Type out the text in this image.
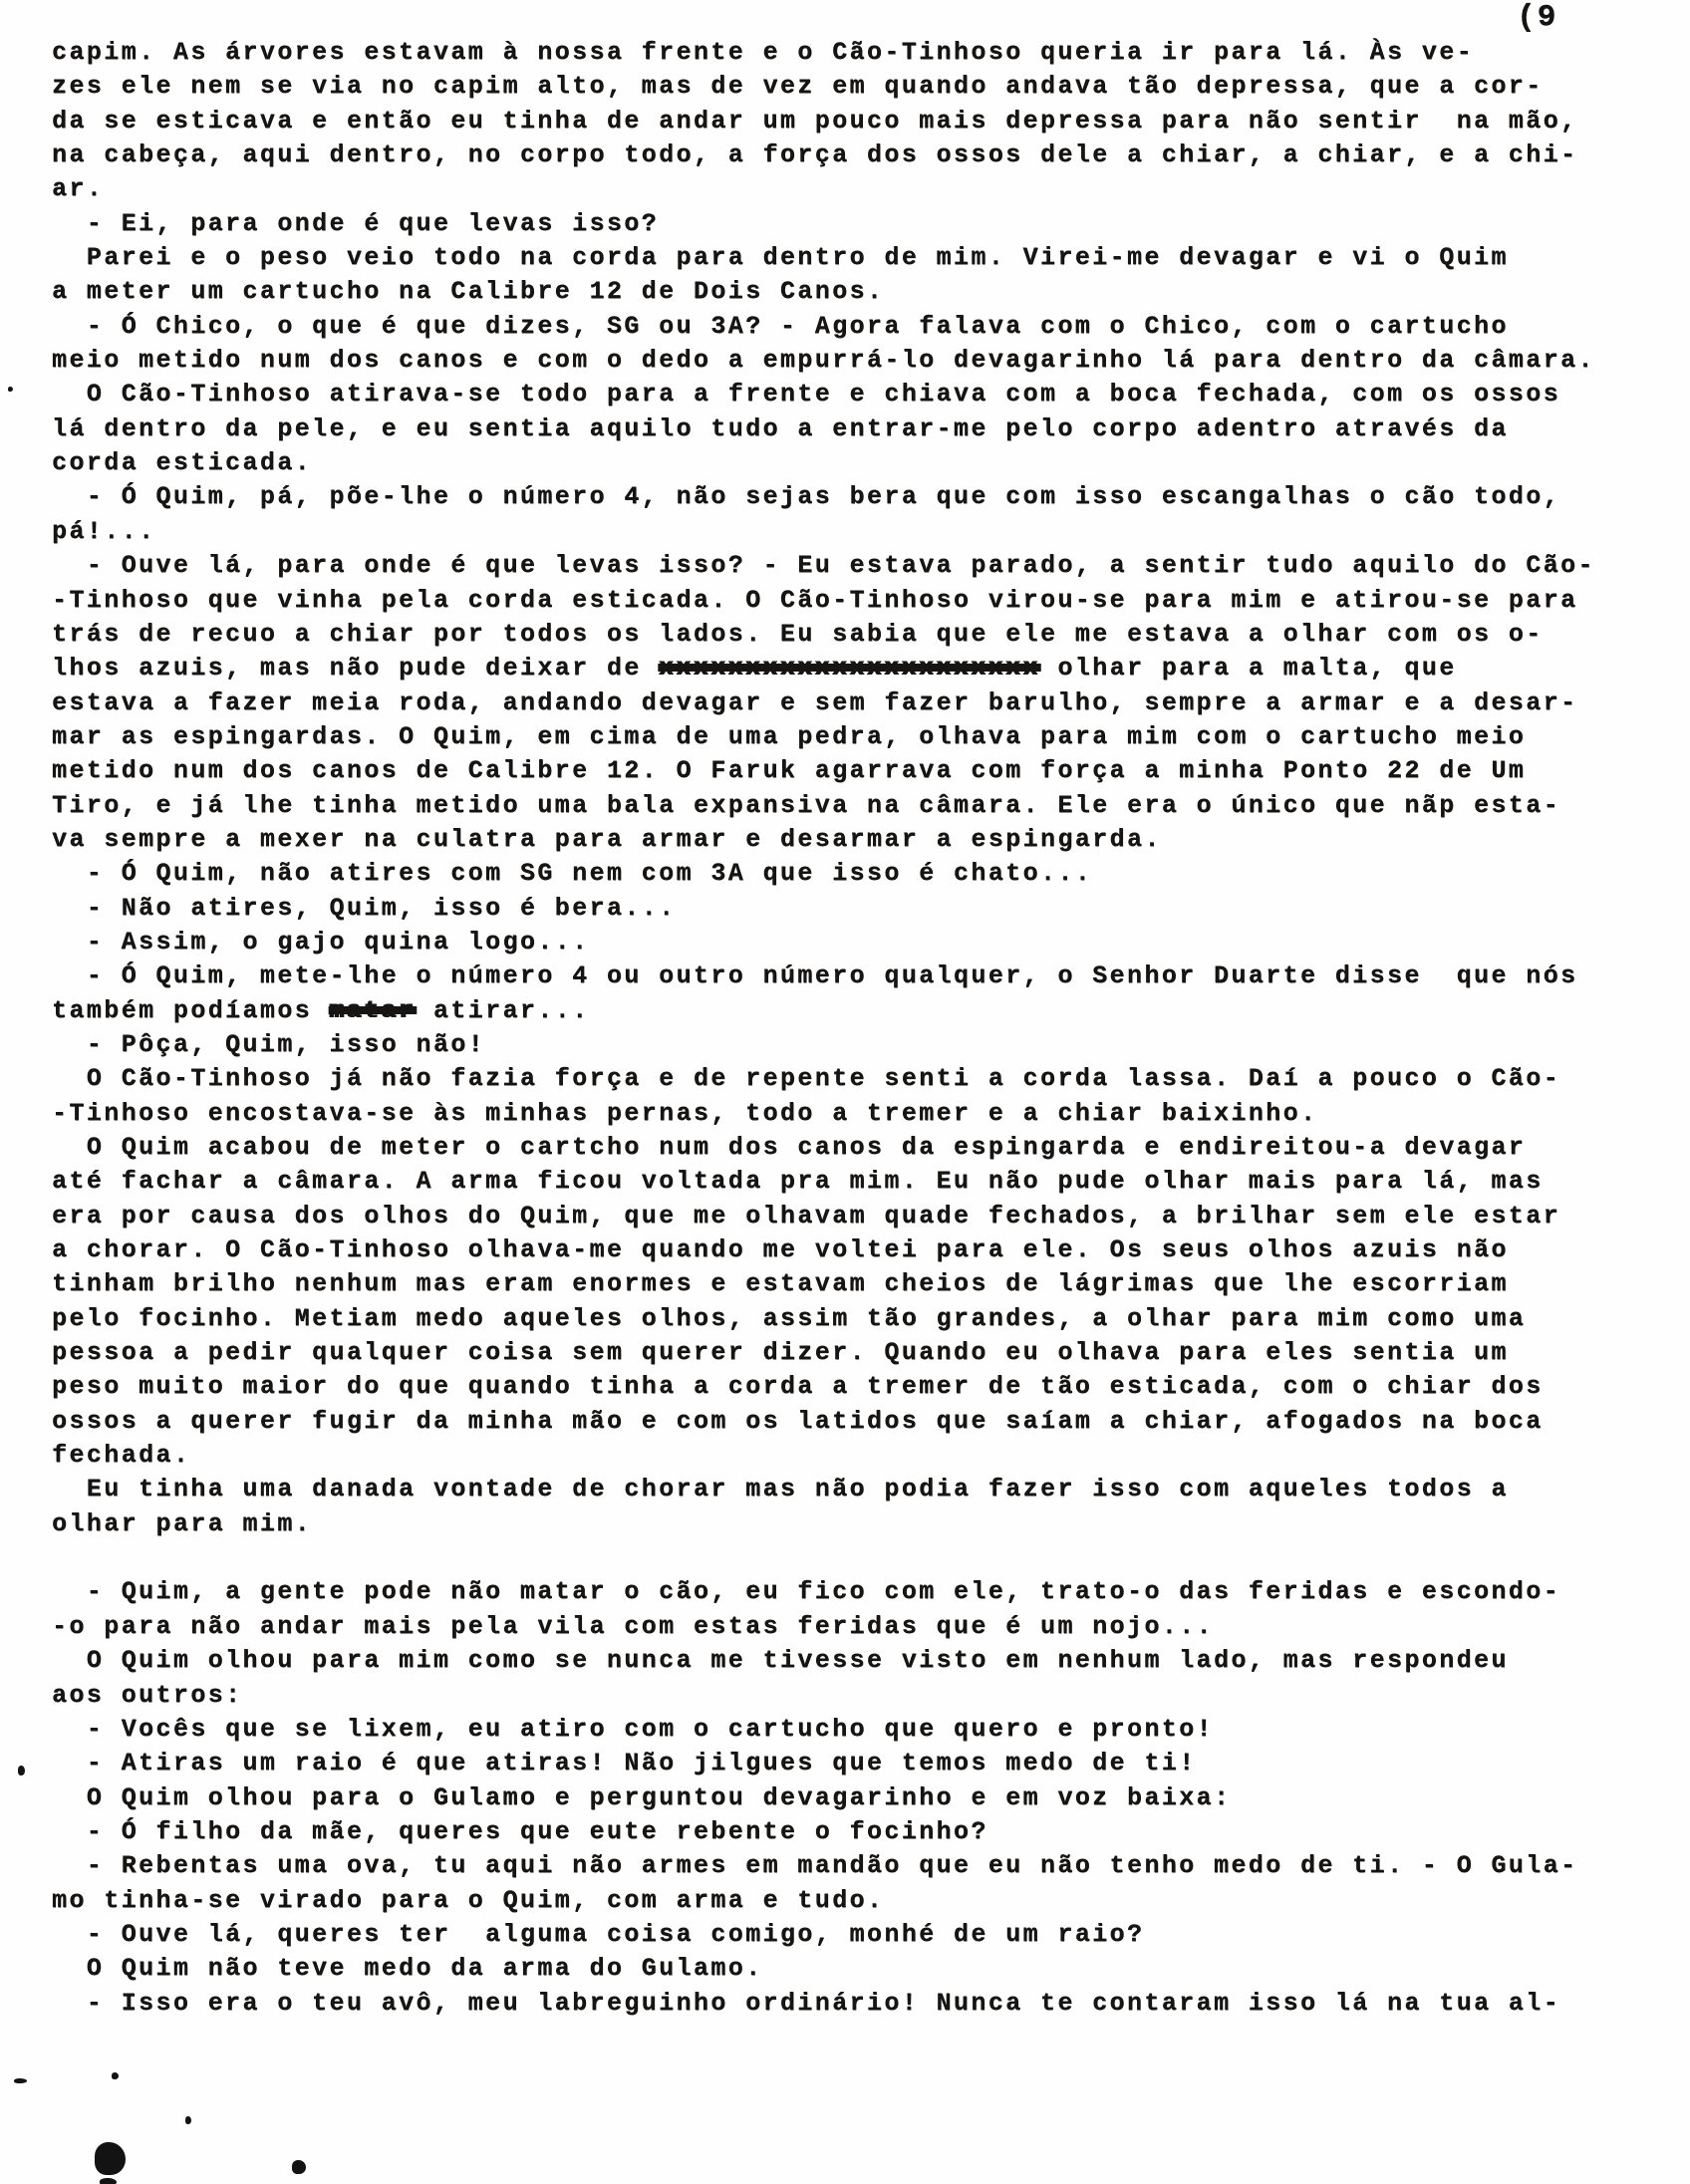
(9
capim. As árvores estavam à nossa frente e o Cão-Tinhoso queria ir para lá. Às ve-
zes ele nem se via no capim alto, mas de vez em quando andava tão depressa, que a cor-
da se esticava e então eu tinha de andar um pouco mais depressa para não sentir  na mão,
na cabeça, aqui dentro, no corpo todo, a força dos ossos dele a chiar, a chiar, e a chi-
ar.
- Ei, para onde é que levas isso?
Parei e o peso veio todo na corda para dentro de mim. Virei-me devagar e vi o Quim
a meter um cartucho na Calibre 12 de Dois Canos.
- Ó Chico, o que é que dizes, SG ou 3A? - Agora falava com o Chico, com o cartucho
meio metido num dos canos e com o dedo a empurrá-lo devagarinho lá para dentro da câmara.
O Cão-Tinhoso atirava-se todo para a frente e chiava com a boca fechada, com os ossos
lá dentro da pele, e eu sentia aquilo tudo a entrar-me pelo corpo adentro através da
corda esticada.
- Ó Quim, pá, põe-lhe o número 4, não sejas bera que com isso escangalhas o cão todo,
pá!...
- Ouve lá, para onde é que levas isso? - Eu estava parado, a sentir tudo aquilo do Cão-
-Tinhoso que vinha pela corda esticada. O Cão-Tinhoso virou-se para mim e atirou-se para
trás de recuo a chiar por todos os lados. Eu sabia que ele me estava a olhar com os o-
lhos azuis, mas não pude deixar de xxxxxxxxxxxxxxxxxxxxxx olhar para a malta, que
estava a fazer meia roda, andando devagar e sem fazer barulho, sempre a armar e a desar-
mar as espingardas. O Quim, em cima de uma pedra, olhava para mim com o cartucho meio
metido num dos canos de Calibre 12. O Faruk agarrava com força a minha Ponto 22 de Um
Tiro, e já lhe tinha metido uma bala expansiva na câmara. Ele era o único que nãp esta-
va sempre a mexer na culatra para armar e desarmar a espingarda.
- Ó Quim, não atires com SG nem com 3A que isso é chato...
- Não atires, Quim, isso é bera...
- Assim, o gajo quina logo...
- Ó Quim, mete-lhe o número 4 ou outro número qualquer, o Senhor Duarte disse  que nós
também podíamos matar atirar...
- Pôça, Quim, isso não!
O Cão-Tinhoso já não fazia força e de repente senti a corda lassa. Daí a pouco o Cão-
-Tinhoso encostava-se às minhas pernas, todo a tremer e a chiar baixinho.
O Quim acabou de meter o cartcho num dos canos da espingarda e endireitou-a devagar
até fachar a câmara. A arma ficou voltada pra mim. Eu não pude olhar mais para lá, mas
era por causa dos olhos do Quim, que me olhavam quade fechados, a brilhar sem ele estar
a chorar. O Cão-Tinhoso olhava-me quando me voltei para ele. Os seus olhos azuis não
tinham brilho nenhum mas eram enormes e estavam cheios de lágrimas que lhe escorriam
pelo focinho. Metiam medo aqueles olhos, assim tão grandes, a olhar para mim como uma
pessoa a pedir qualquer coisa sem querer dizer. Quando eu olhava para eles sentia um
peso muito maior do que quando tinha a corda a tremer de tão esticada, com o chiar dos
ossos a querer fugir da minha mão e com os latidos que saíam a chiar, afogados na boca
fechada.
Eu tinha uma danada vontade de chorar mas não podia fazer isso com aqueles todos a
olhar para mim.

- Quim, a gente pode não matar o cão, eu fico com ele, trato-o das feridas e escondo-
-o para não andar mais pela vila com estas feridas que é um nojo...
O Quim olhou para mim como se nunca me tivesse visto em nenhum lado, mas respondeu
aos outros:
- Vocês que se lixem, eu atiro com o cartucho que quero e pronto!
- Atiras um raio é que atiras! Não jilgues que temos medo de ti!
O Quim olhou para o Gulamo e perguntou devagarinho e em voz baixa:
- Ó filho da mãe, queres que eute rebente o focinho?
- Rebentas uma ova, tu aqui não armes em mandão que eu não tenho medo de ti. - O Gula-
mo tinha-se virado para o Quim, com arma e tudo.
- Ouve lá, queres ter  alguma coisa comigo, monhé de um raio?
O Quim não teve medo da arma do Gulamo.
- Isso era o teu avô, meu labreguinho ordinário! Nunca te contaram isso lá na tua al-
